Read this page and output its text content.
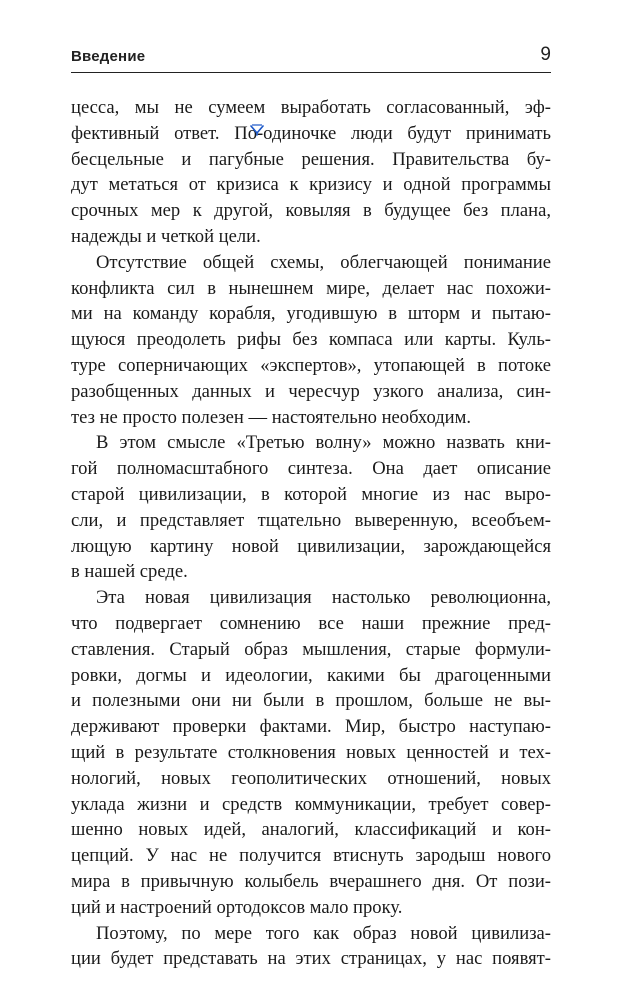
Введение	9
цесса, мы не сумеем выработать согласованный, эф-
фективный ответ. По-одиночке люди будут принимать
бесцельные и пагубные решения. Правительства бу-
дут метаться от кризиса к кризису и одной программы
срочных мер к другой, ковыляя в будущее без плана,
надежды и четкой цели.
Отсутствие общей схемы, облегчающей понимание
конфликта сил в нынешнем мире, делает нас похожи-
ми на команду корабля, угодившую в шторм и пытаю-
щуюся преодолеть рифы без компаса или карты. Куль-
туре соперничающих «экспертов», утопающей в потоке
разобщенных данных и чересчур узкого анализа, син-
тез не просто полезен — настоятельно необходим.
В этом смысле «Третью волну» можно назвать кни-
гой полномасштабного синтеза. Она дает описание
старой цивилизации, в которой многие из нас выро-
сли, и представляет тщательно выверенную, всеобъем-
лющую картину новой цивилизации, зарождающейся
в нашей среде.
Эта новая цивилизация настолько революционна,
что подвергает сомнению все наши прежние пред-
ставления. Старый образ мышления, старые формули-
ровки, догмы и идеологии, какими бы драгоценными
и полезными они ни были в прошлом, больше не вы-
держивают проверки фактами. Мир, быстро наступаю-
щий в результате столкновения новых ценностей и тех-
нологий, новых геополитических отношений, новых
уклада жизни и средств коммуникации, требует совер-
шенно новых идей, аналогий, классификаций и кон-
цепций. У нас не получится втиснуть зародыш нового
мира в привычную колыбель вчерашнего дня. От пози-
ций и настроений ортодоксов мало проку.
Поэтому, по мере того как образ новой цивилиза-
ции будет представать на этих страницах, у нас появят-
